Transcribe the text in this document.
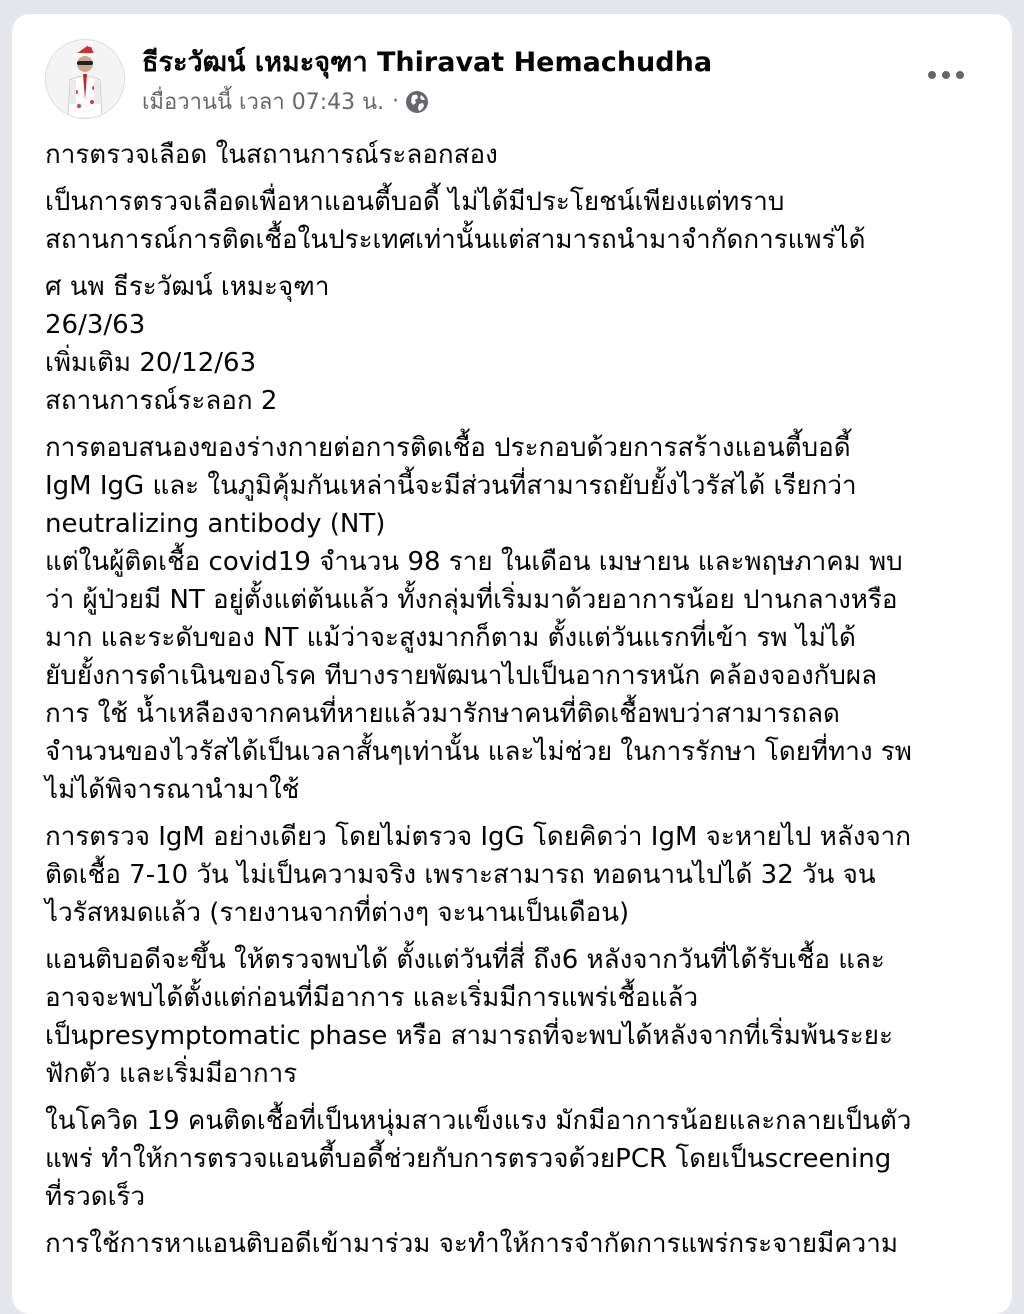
ธีระวัฒน์ เหมะจุฑา Thiravat Hemachudha
เมื่อวานนี้ เวลา 07:43 น. ·
การตรวจเลือด ในสถานการณ์ระลอกสอง
เป็นการตรวจเลือดเพื่อหาแอนตี้บอดี้ ไม่ได้มีประโยชน์เพียงแต่ทราบ
สถานการณ์การติดเชื้อในประเทศเท่านั้นแต่สามารถนำมาจำกัดการแพร่ได้
ศ นพ ธีระวัฒน์ เหมะจุฑา
26/3/63
เพิ่มเติม 20/12/63
สถานการณ์ระลอก 2
การตอบสนองของร่างกายต่อการติดเชื้อ ประกอบด้วยการสร้างแอนตี้บอดี้
IgM IgG และ ในภูมิคุ้มกันเหล่านี้จะมีส่วนที่สามารถยับยั้งไวรัสได้ เรียกว่า
neutralizing antibody (NT)
แต่ในผู้ติดเชื้อ covid19 จำนวน 98 ราย ในเดือน เมษายน และพฤษภาคม พบ
ว่า ผู้ป่วยมี NT อยู่ตั้งแต่ต้นแล้ว ทั้งกลุ่มที่เริ่มมาด้วยอาการน้อย ปานกลางหรือ
มาก และระดับของ NT แม้ว่าจะสูงมากก็ตาม ตั้งแต่วันแรกที่เข้า รพ ไม่ได้
ยับยั้งการดำเนินของโรค ทีบางรายพัฒนาไปเป็นอาการหนัก คล้องจองกับผล
การ ใช้ น้ำเหลืองจากคนที่หายแล้วมารักษาคนที่ติดเชื้อพบว่าสามารถลด
จำนวนของไวรัสได้เป็นเวลาสั้นๆเท่านั้น และไม่ช่วย ในการรักษา โดยที่ทาง รพ
ไม่ได้พิจารณานำมาใช้
การตรวจ IgM อย่างเดียว โดยไม่ตรวจ IgG โดยคิดว่า IgM จะหายไป หลังจาก
ติดเชื้อ 7-10 วัน ไม่เป็นความจริง เพราะสามารถ ทอดนานไปได้ 32 วัน จน
ไวรัสหมดแล้ว (รายงานจากที่ต่างๆ จะนานเป็นเดือน)
แอนติบอดีจะขึ้น ให้ตรวจพบได้ ตั้งแต่วันที่สี่ ถึง6 หลังจากวันที่ได้รับเชื้อ และ
อาจจะพบได้ตั้งแต่ก่อนที่มีอาการ และเริ่มมีการแพร่เชื้อแล้ว
เป็นpresymptomatic phase หรือ สามารถที่จะพบได้หลังจากที่เริ่มพ้นระยะ
ฟักตัว และเริ่มมีอาการ
ในโควิด 19 คนติดเชื้อที่เป็นหนุ่มสาวแข็งแรง มักมีอาการน้อยและกลายเป็นตัว
แพร่ ทำให้การตรวจแอนตี้บอดี้ช่วยกับการตรวจด้วยPCR โดยเป็นscreening
ที่รวดเร็ว
การใช้การหาแอนติบอดีเข้ามาร่วม จะทำให้การจำกัดการแพร่กระจายมีความ
